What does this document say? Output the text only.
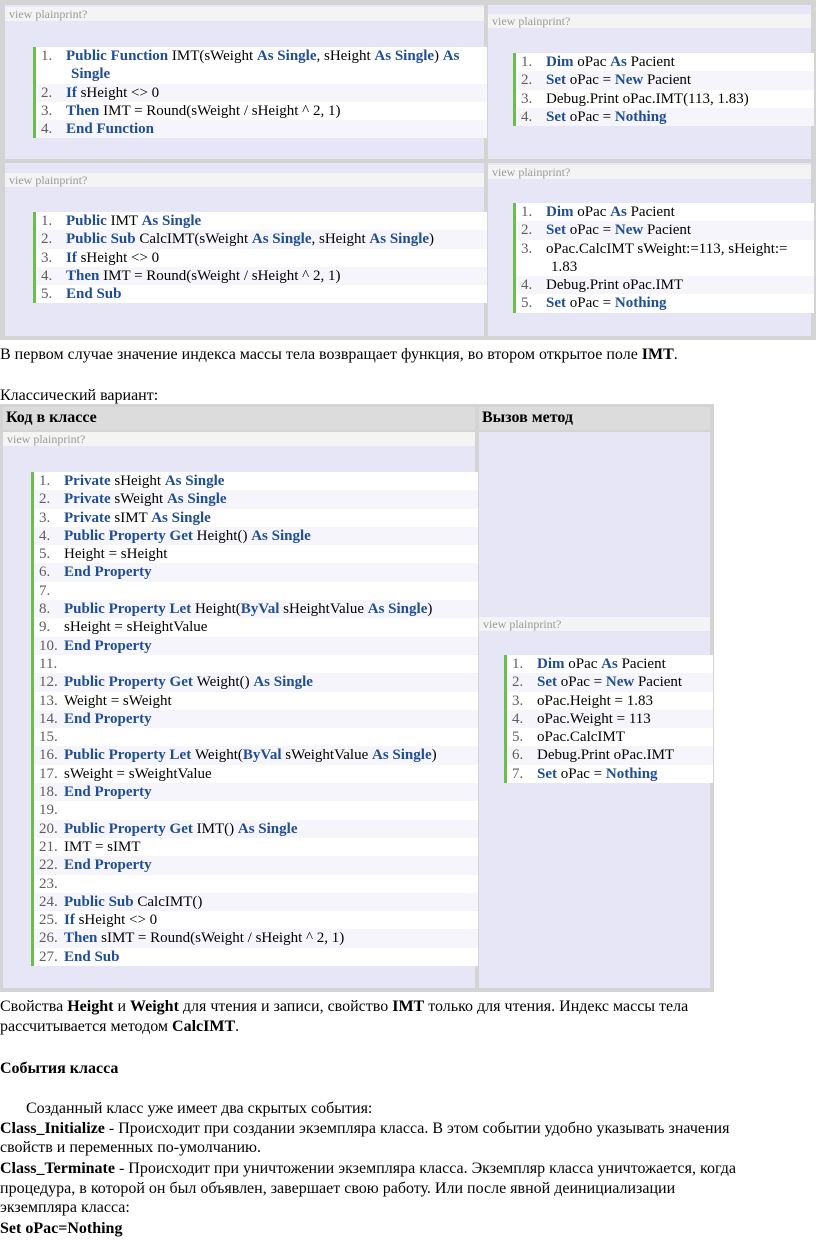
view plainprint?
1. Public Function IMT(sWeight As Single, sHeight As Single) As
Single
2. If sHeight <> 0
3. Then IMT = Round(sWeight / sHeight ^ 2, 1)
4. End Function
view plainprint?
1. Dim oPac As Pacient
2. Set oPac = New Pacient
3. Debug.Print oPac.IMT(113, 1.83)
4. Set oPac = Nothing
view plainprint?
1. Public IMT As Single
2. Public Sub CalcIMT(sWeight As Single, sHeight As Single)
3. If sHeight <> 0
4. Then IMT = Round(sWeight / sHeight ^ 2, 1)
5. End Sub
view plainprint?
1. Dim oPac As Pacient
2. Set oPac = New Pacient
3. oPac.CalcIMT sWeight:=113, sHeight:=
1.83
4. Debug.Print oPac.IMT
5. Set oPac = Nothing
В первом случае значение индекса массы тела возвращает функция, во втором открытое поле IMT.
Классический вариант:
Код в классе	Вызов метод
view plainprint?
1. Private sHeight As Single
2. Private sWeight As Single
3. Private sIMT As Single
4. Public Property Get Height() As Single
5. Height = sHeight
6. End Property
7.
8. Public Property Let Height(ByVal sHeightValue As Single)
9. sHeight = sHeightValue
10. End Property
11.
12. Public Property Get Weight() As Single
13. Weight = sWeight
14. End Property
15.
16. Public Property Let Weight(ByVal sWeightValue As Single)
17. sWeight = sWeightValue
18. End Property
19.
20. Public Property Get IMT() As Single
21. IMT = sIMT
22. End Property
23.
24. Public Sub CalcIMT()
25. If sHeight <> 0
26. Then sIMT = Round(sWeight / sHeight ^ 2, 1)
27. End Sub
view plainprint?
1. Dim oPac As Pacient
2. Set oPac = New Pacient
3. oPac.Height = 1.83
4. oPac.Weight = 113
5. oPac.CalcIMT
6. Debug.Print oPac.IMT
7. Set oPac = Nothing
Свойства Height и Weight для чтения и записи, свойство IMT только для чтения. Индекс массы тела
рассчитывается методом CalcIMT.
События класса
Созданный класс уже имеет два скрытых события:
Class_Initialize - Происходит при создании экземпляра класса. В этом событии удобно указывать значения
свойств и переменных по-умолчанию.
Class_Terminate - Происходит при уничтожении экземпляра класса. Экземпляр класса уничтожается, когда
процедура, в которой он был объявлен, завершает свою работу. Или после явной деинициализации
экземпляра класса:
Set oPac=Nothing
